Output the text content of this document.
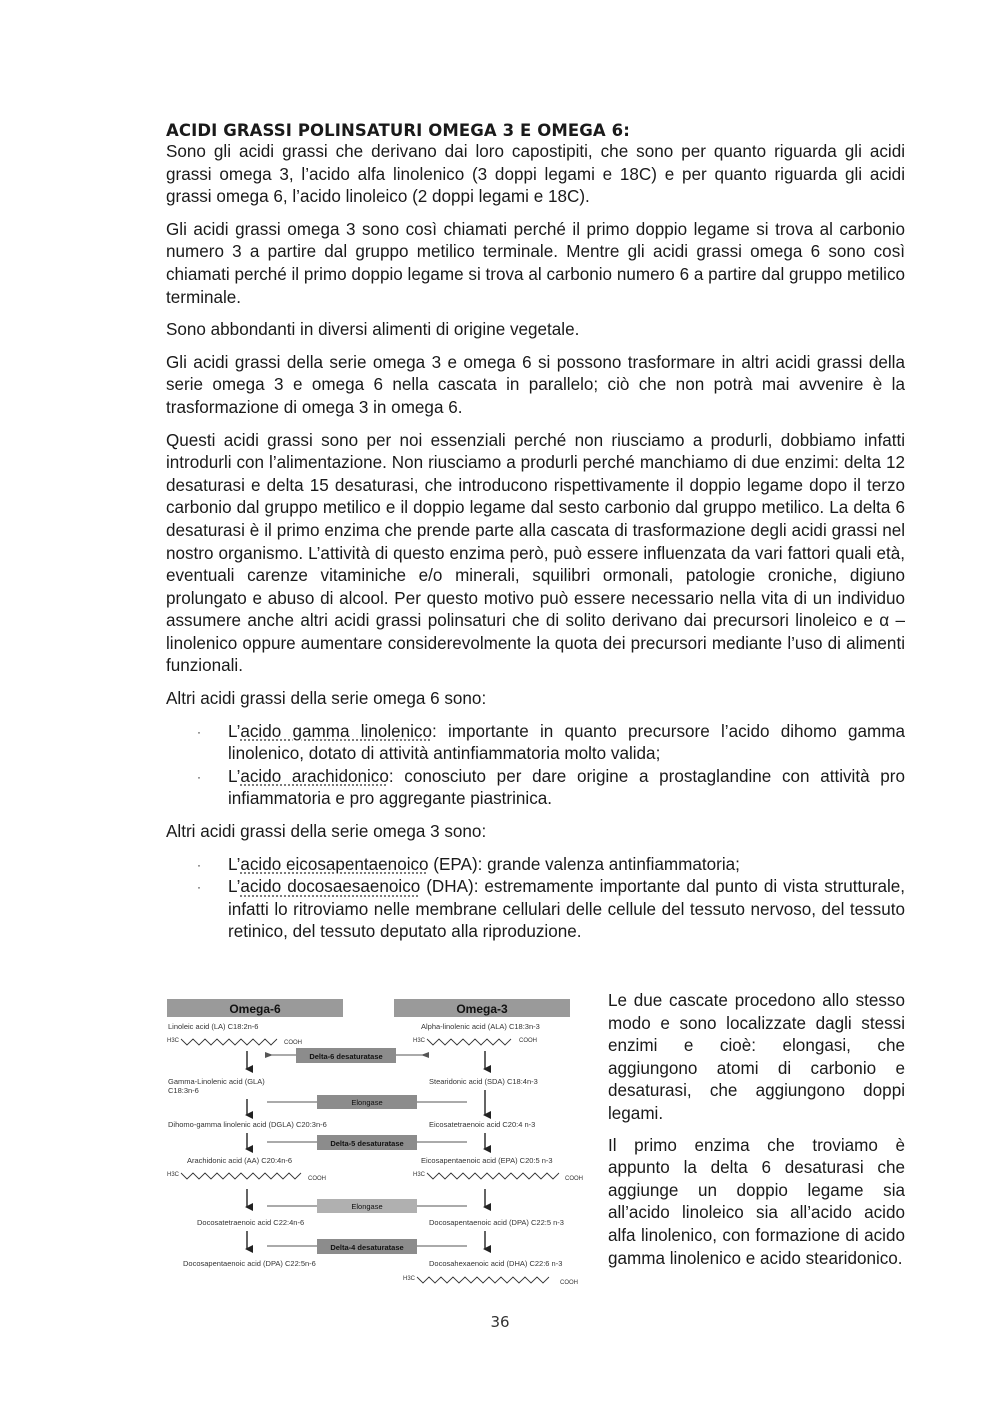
ACIDI GRASSI POLINSATURI OMEGA 3 E OMEGA 6:

Sono gli acidi grassi che derivano dai loro capostipiti, che sono per quanto riguarda gli acidi grassi omega 3, l’acido alfa linolenico (3 doppi legami e 18C) e per quanto riguarda gli acidi grassi omega 6, l’acido linoleico (2 doppi legami e 18C).

Gli acidi grassi omega 3 sono così chiamati perché il primo doppio legame si trova al carbonio numero 3 a partire dal gruppo metilico terminale. Mentre gli acidi grassi omega 6 sono così chiamati perché il primo doppio legame si trova al carbonio numero 6 a partire dal gruppo metilico terminale.

Sono abbondanti in diversi alimenti di origine vegetale.

Gli acidi grassi della serie omega 3 e omega 6 si possono trasformare in altri acidi grassi della serie omega 3 e omega 6 nella cascata in parallelo; ciò che non potrà mai avvenire è la trasformazione di omega 3 in omega 6.

Questi acidi grassi sono per noi essenziali perché non riusciamo a produrli, dobbiamo infatti introdurli con l’alimentazione. Non riusciamo a produrli perché manchiamo di due enzimi: delta 12 desaturasi e delta 15 desaturasi, che introducono rispettivamente il doppio legame dopo il terzo carbonio dal gruppo metilico e il doppio legame dal sesto carbonio dal gruppo metilico. La delta 6 desaturasi è il primo enzima che prende parte alla cascata di trasformazione degli acidi grassi nel nostro organismo. L’attività di questo enzima però, può essere influenzata da vari fattori quali età, eventuali carenze vitaminiche e/o minerali, squilibri ormonali, patologie croniche, digiuno prolungato e abuso di alcool. Per questo motivo può essere necessario nella vita di un individuo assumere anche altri acidi grassi polinsaturi che di solito derivano dai precursori linoleico e α – linolenico oppure aumentare considerevolmente la quota dei precursori mediante l’uso di alimenti funzionali.

Altri acidi grassi della serie omega 6 sono:

· L’acido gamma linolenico: importante in quanto precursore l’acido dihomo gamma linolenico, dotato di attività antinfiammatoria molto valida;
· L’acido arachidonico: conosciuto per dare origine a prostaglandine con attività pro infiammatoria e pro aggregante piastrinica.

Altri acidi grassi della serie omega 3 sono:

· L’acido eicosapentaenoico (EPA): grande valenza antinfiammatoria;
· L’acido docosaesaenoico (DHA): estremamente importante dal punto di vista strutturale, infatti lo ritroviamo nelle membrane cellulari delle cellule del tessuto nervoso, del tessuto retinico, del tessuto deputato alla riproduzione.
Omega-6	Omega-3
Linoleic acid (LA) C18:2n-6
H3C	COOH
Gamma-Linolenic acid (GLA)
C18:3n-6
Dihomo-gamma linolenic acid (DGLA) C20:3n-6
Arachidonic acid (AA) C20:4n-6
H3C
COOH
Docosatetraenoic acid C22:4n-6
Docosapentaenoic acid (DPA) C22:5n-6
Alpha-linolenic acid (ALA) C18:3n-3
H3C	COOH
Stearidonic acid (SDA) C18:4n-3
Eicosatetraenoic acid C20:4 n-3
Eicosapentaenoic acid (EPA) C20:5 n-3
H3C
COOH
Docosapentaenoic acid (DPA) C22:5 n-3
Docosahexaenoic acid (DHA) C22:6 n-3
H3C
COOH
Delta-6 desaturatase
Elongase
Delta-5 desaturatase
Elongase
Delta-4 desaturatase

Le due cascate procedono allo stesso modo e sono localizzate dagli stessi enzimi e cioè: elongasi, che aggiungono atomi di carbonio e desaturasi, che aggiungono doppi legami.

Il primo enzima che troviamo è appunto la delta 6 desaturasi che aggiunge un doppio legame sia all’acido linoleico sia all’acido acido alfa linolenico, con formazione di acido gamma linolenico e acido stearidonico.

36
